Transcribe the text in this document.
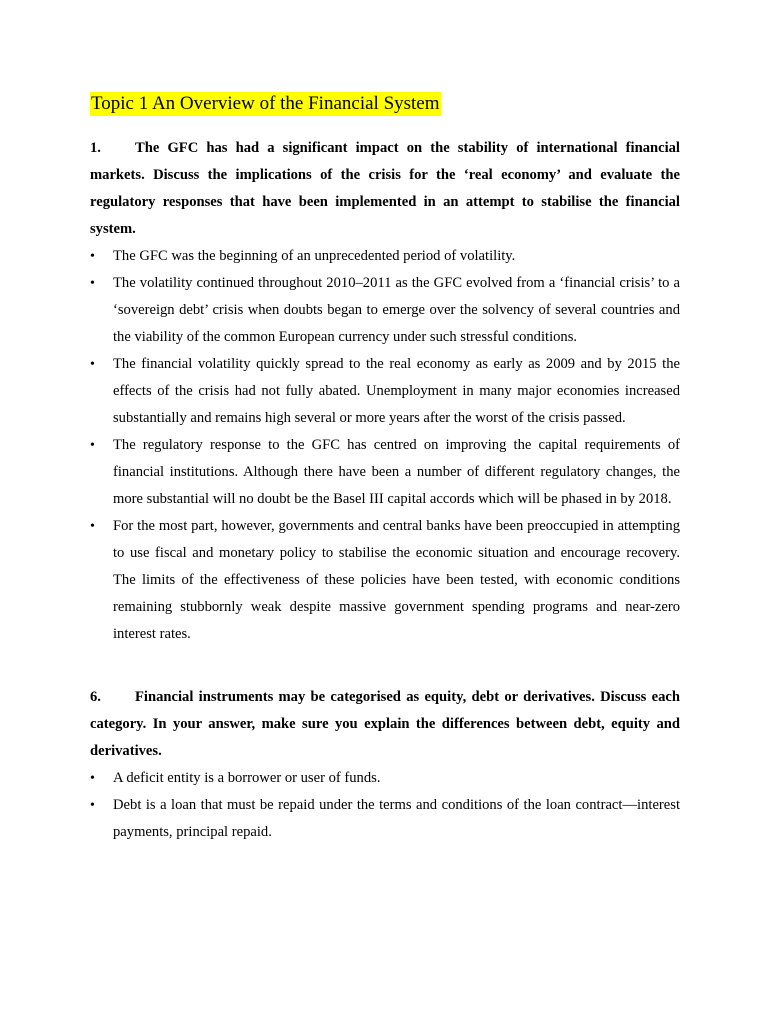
Topic 1 An Overview of the Financial System

1. The GFC has had a significant impact on the stability of international financial markets. Discuss the implications of the crisis for the ‘real economy’ and evaluate the regulatory responses that have been implemented in an attempt to stabilise the financial system.

•	The GFC was the beginning of an unprecedented period of volatility.
•	The volatility continued throughout 2010–2011 as the GFC evolved from a ‘financial crisis’ to a ‘sovereign debt’ crisis when doubts began to emerge over the solvency of several countries and the viability of the common European currency under such stressful conditions.
•	The financial volatility quickly spread to the real economy as early as 2009 and by 2015 the effects of the crisis had not fully abated. Unemployment in many major economies increased substantially and remains high several or more years after the worst of the crisis passed.
•	The regulatory response to the GFC has centred on improving the capital requirements of financial institutions. Although there have been a number of different regulatory changes, the more substantial will no doubt be the Basel III capital accords which will be phased in by 2018.
•	For the most part, however, governments and central banks have been preoccupied in attempting to use fiscal and monetary policy to stabilise the economic situation and encourage recovery. The limits of the effectiveness of these policies have been tested, with economic conditions remaining stubbornly weak despite massive government spending programs and near-zero interest rates.

6. Financial instruments may be categorised as equity, debt or derivatives. Discuss each category. In your answer, make sure you explain the differences between debt, equity and derivatives.

•	A deficit entity is a borrower or user of funds.
•	Debt is a loan that must be repaid under the terms and conditions of the loan contract—interest payments, principal repaid.
